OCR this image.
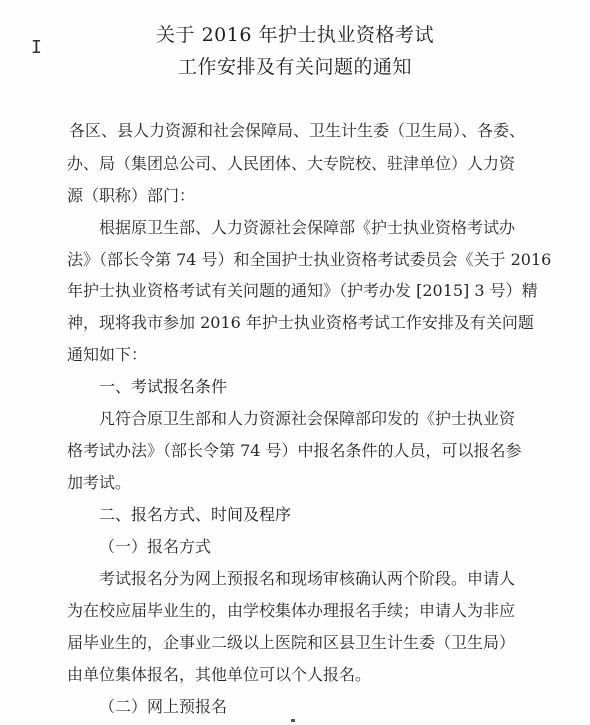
I
关于 2016 年护士执业资格考试
工作安排及有关问题的通知
各区、县人力资源和社会保障局、卫生计生委（卫生局）、各委、
办、局（集团总公司、人民团体、大专院校、驻津单位）人力资
源（职称）部门：
根据原卫生部、人力资源社会保障部《护士执业资格考试办
法》（部长令第 74 号）和全国护士执业资格考试委员会《关于 2016
年护士执业资格考试有关问题的通知》（护考办发 [2015] 3 号）精
神，现将我市参加 2016 年护士执业资格考试工作安排及有关问题
通知如下：
一、考试报名条件
凡符合原卫生部和人力资源社会保障部印发的《护士执业资
格考试办法》（部长令第 74 号）中报名条件的人员，可以报名参
加考试。
二、报名方式、时间及程序
（一）报名方式
考试报名分为网上预报名和现场审核确认两个阶段。申请人
为在校应届毕业生的，由学校集体办理报名手续；申请人为非应
届毕业生的，企事业二级以上医院和区县卫生计生委（卫生局）
由单位集体报名，其他单位可以个人报名。
（二）网上预报名
